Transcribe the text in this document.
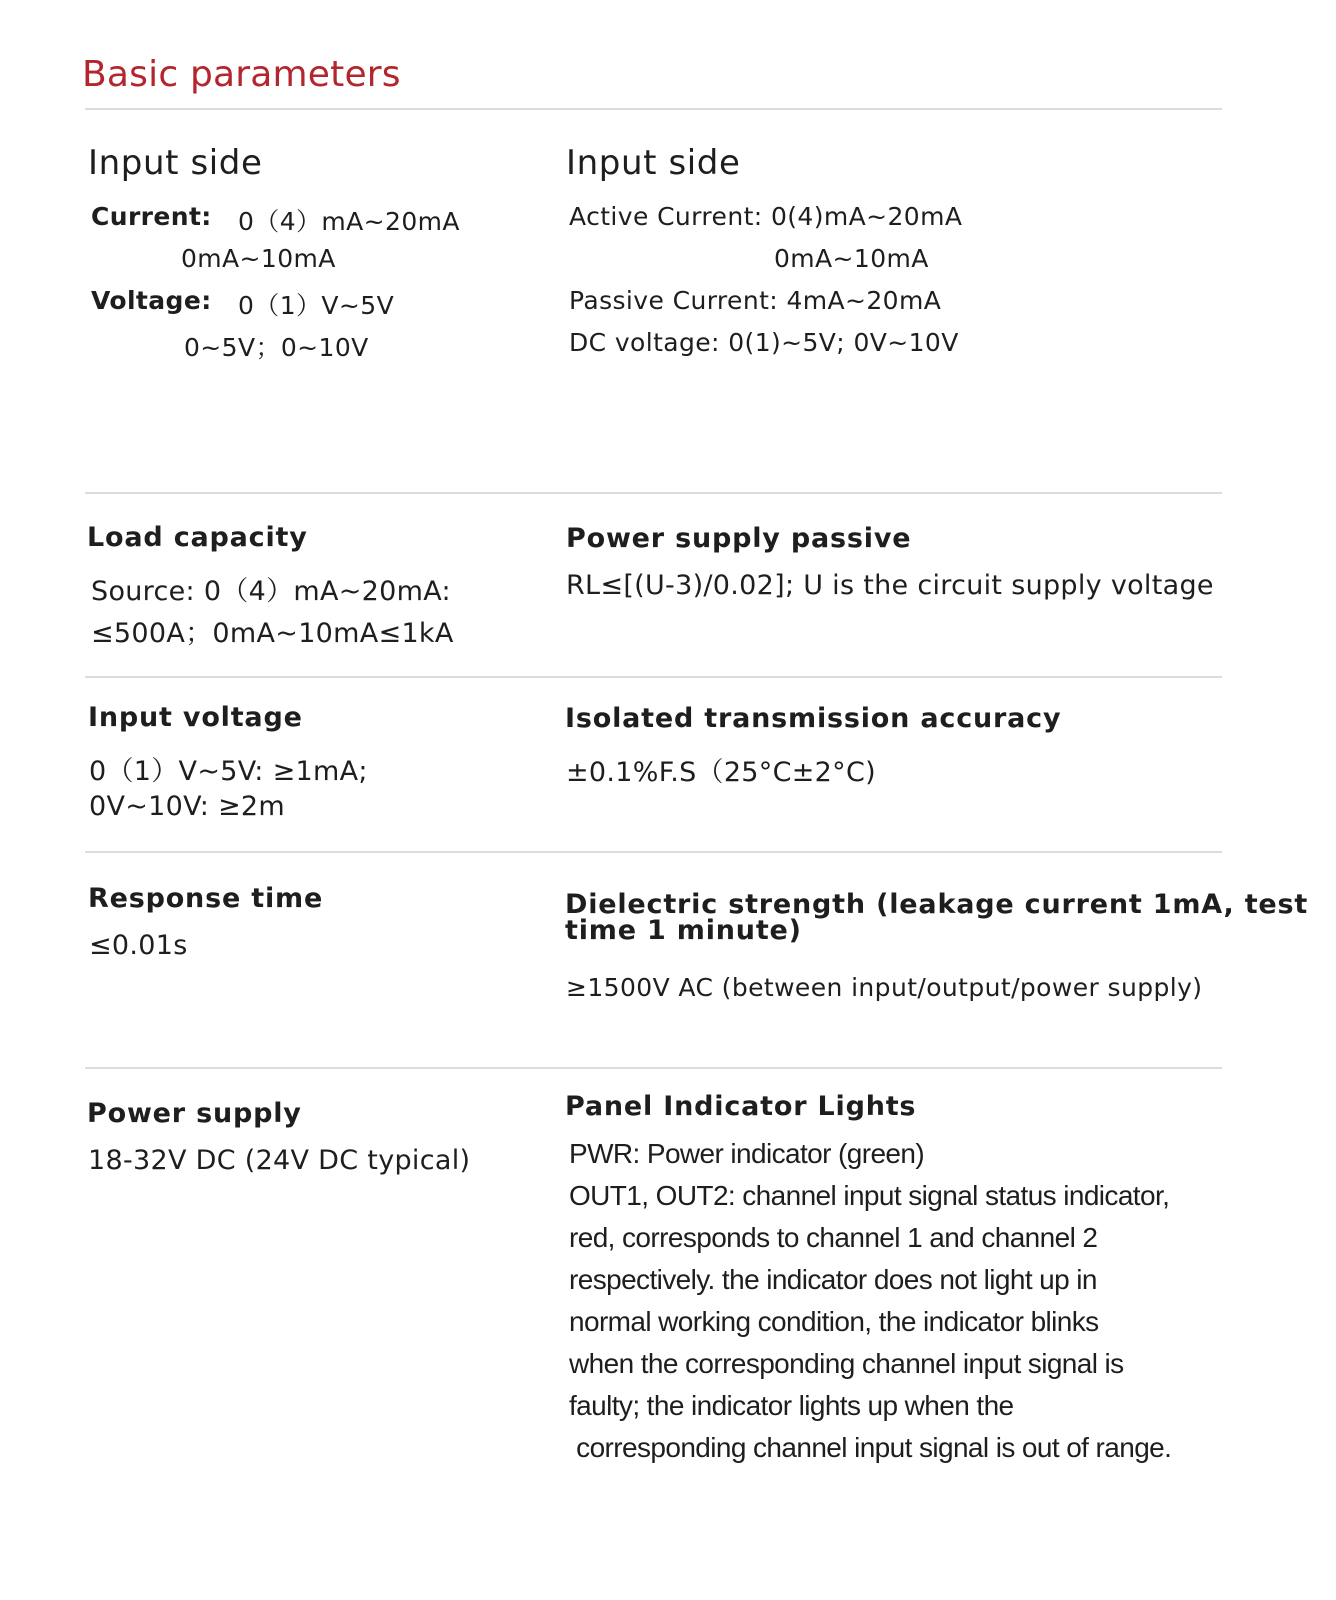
Basic parameters
Input side
Current: 0（4）mA~20mA
0mA~10mA
Voltage: 0（1）V~5V
0~5V；0~10V
Input side
Active Current: 0(4)mA~20mA
0mA~10mA
Passive Current: 4mA~20mA
DC voltage: 0(1)~5V; 0V~10V
Load capacity
Source: 0（4）mA~20mA:
≤500A；0mA~10mA≤1kA
Power supply passive
RL≤[(U-3)/0.02]; U is the circuit supply voltage
Input voltage
0（1）V~5V: ≥1mA;
0V~10V: ≥2m
Isolated transmission accuracy
±0.1%F.S（25°C±2°C)
Response time
≤0.01s
Dielectric strength (leakage current 1mA, test
time 1 minute)
≥1500V AC (between input/output/power supply)
Power supply
18-32V DC (24V DC typical)
Panel Indicator Lights
PWR: Power indicator (green)
OUT1, OUT2: channel input signal status indicator,
red, corresponds to channel 1 and channel 2
respectively. the indicator does not light up in
normal working condition, the indicator blinks
when the corresponding channel input signal is
faulty; the indicator lights up when the
corresponding channel input signal is out of range.
